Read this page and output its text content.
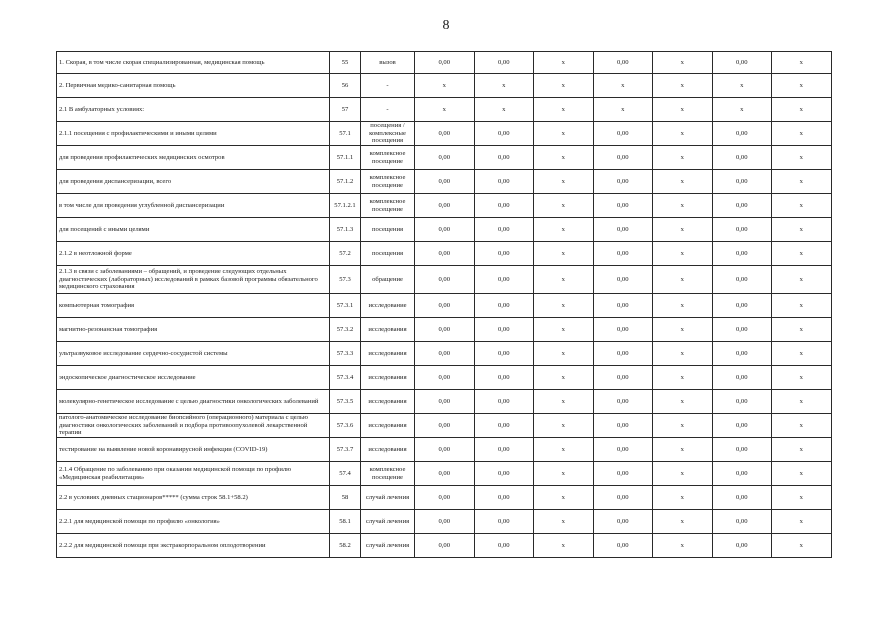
8
1. Скорая, в том числе скорая специализированная, медицинская помощь	55	вызов	0,00	0,00	x	0,00	x	0,00	x
2. Первичная медико-санитарная помощь	56	-	x	x	x	x	x	x	x
2.1 В амбулаторных условиях:	57	-	x	x	x	x	x	x	x
2.1.1 посещения с профилактическими и иными целями	57.1	посещения / комплексные посещения	0,00	0,00	x	0,00	x	0,00	x
для проведения профилактических медицинских осмотров	57.1.1	комплексное посещение	0,00	0,00	x	0,00	x	0,00	x
для проведения диспансеризации, всего	57.1.2	комплексное посещение	0,00	0,00	x	0,00	x	0,00	x
в том числе для проведения углубленной диспансеризации	57.1.2.1	комплексное посещение	0,00	0,00	x	0,00	x	0,00	x
для посещений с иными целями	57.1.3	посещения	0,00	0,00	x	0,00	x	0,00	x
2.1.2 в неотложной форме	57.2	посещения	0,00	0,00	x	0,00	x	0,00	x
2.1.3 в связи с заболеваниями – обращений, и проведение следующих отдельных диагностических (лабораторных) исследований в рамках базовой программы обязательного медицинского страхования	57.3	обращение	0,00	0,00	x	0,00	x	0,00	x
компьютерная томография	57.3.1	исследование	0,00	0,00	x	0,00	x	0,00	x
магнитно-резонансная томография	57.3.2	исследования	0,00	0,00	x	0,00	x	0,00	x
ультразвуковое исследование сердечно-сосудистой системы	57.3.3	исследования	0,00	0,00	x	0,00	x	0,00	x
эндоскопическое диагностическое исследование	57.3.4	исследования	0,00	0,00	x	0,00	x	0,00	x
молекулярно-генетическое исследование с целью диагностики онкологических заболеваний	57.3.5	исследования	0,00	0,00	x	0,00	x	0,00	x
патолого-анатомическое исследование биопсийного (операционного) материала с целью диагностики онкологических заболеваний и подбора противоопухолевой лекарственной терапии	57.3.6	исследования	0,00	0,00	x	0,00	x	0,00	x
тестирование на выявление новой коронавирусной инфекции (COVID-19)	57.3.7	исследования	0,00	0,00	x	0,00	x	0,00	x
2.1.4 Обращение по заболеванию при оказании медицинской помощи по профилю «Медицинская реабилитация»	57.4	комплексное посещение	0,00	0,00	x	0,00	x	0,00	x
2.2 в условиях дневных стационаров***** (сумма строк 58.1+58.2)	58	случай лечения	0,00	0,00	x	0,00	x	0,00	x
2.2.1 для медицинской помощи по профилю «онкология»	58.1	случай лечения	0,00	0,00	x	0,00	x	0,00	x
2.2.2 для медицинской помощи при экстракорпоральном оплодотворении	58.2	случай лечения	0,00	0,00	x	0,00	x	0,00	x
